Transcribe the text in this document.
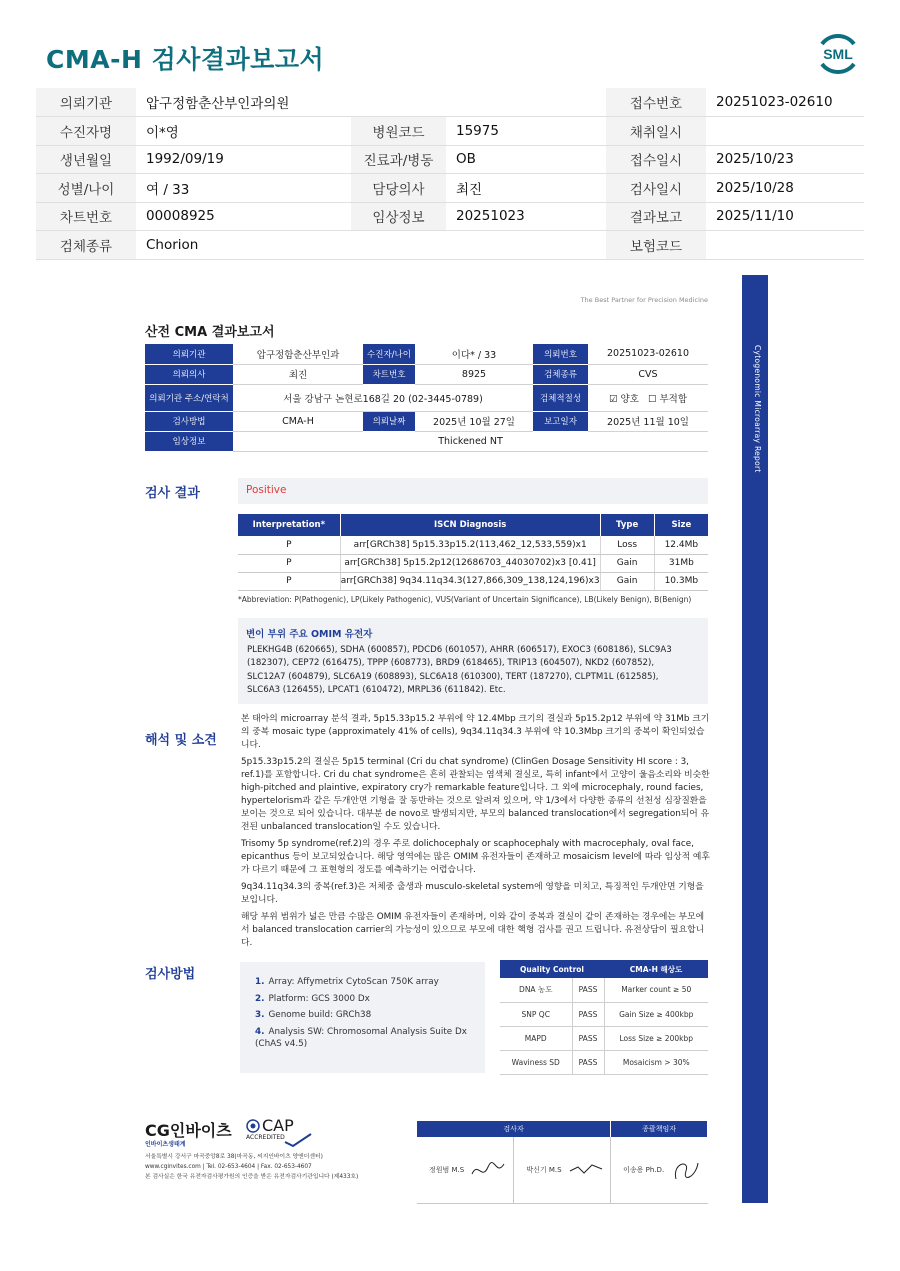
CMA-H 검사결과보고서	SML
의뢰기관	압구정함춘산부인과의원			접수번호	20251023-02610
수진자명	이*영	병원코드	15975	채취일시	
생년월일	1992/09/19	진료과/병동	OB	접수일시	2025/10/23
성별/나이	여 / 33	담당의사	최진	검사일시	2025/10/28
차트번호	00008925	임상정보	20251023	결과보고	2025/11/10
검체종류	Chorion			보험코드	
Cytogenomic Microarray Report
The Best Partner for Precision Medicine
산전 CMA 결과보고서
의뢰기관	압구정함춘산부인과	수진자/나이	이다* / 33	의뢰번호	20251023-02610
의뢰의사	최진	차트번호	8925	검체종류	CVS
의뢰기관 주소/연락처	서울 강남구 논현로168길 20 (02-3445-0789)			검체적절성	☑ 양호 ☐ 부적합
검사방법	CMA-H	의뢰날짜	2025년 10월 27일	보고일자	2025년 11월 10일
임상정보	Thickened NT				
검사 결과	Positive
Interpretation*	ISCN Diagnosis	Type	Size
P	arr[GRCh38] 5p15.33p15.2(113,462_12,533,559)x1	Loss	12.4Mb
P	arr[GRCh38] 5p15.2p12(12686703_44030702)x3 [0.41]	Gain	31Mb
P	arr[GRCh38] 9q34.11q34.3(127,866,309_138,124,196)x3	Gain	10.3Mb
*Abbreviation: P(Pathogenic), LP(Likely Pathogenic), VUS(Variant of Uncertain Significance), LB(Likely Benign), B(Benign)
변이 부위 주요 OMIM 유전자
PLEKHG4B (620665), SDHA (600857), PDCD6 (601057), AHRR (606517), EXOC3 (608186), SLC9A3
(182307), CEP72 (616475), TPPP (608773), BRD9 (618465), TRIP13 (604507), NKD2 (607852),
SLC12A7 (604879), SLC6A19 (608893), SLC6A18 (610300), TERT (187270), CLPTM1L (612585),
SLC6A3 (126455), LPCAT1 (610472), MRPL36 (611842). Etc.
해석 및 소견

본 태아의 microarray 분석 결과, 5p15.33p15.2 부위에 약 12.4Mbp 크기의 결실과 5p15.2p12 부위에 약 31Mb 크기의 중복 mosaic type (approximately 41% of cells), 9q34.11q34.3 부위에 약 10.3Mbp 크기의 중복이 확인되었습니다.

5p15.33p15.2의 결실은 5p15 terminal (Cri du chat syndrome) (ClinGen Dosage Sensitivity HI score : 3, ref.1)를 포함합니다. Cri du chat syndrome은 흔히 관찰되는 염색체 결실로, 특히 infant에서 고양이 울음소리와 비슷한 high-pitched and plaintive, expiratory cry가 remarkable feature입니다. 그 외에 microcephaly, round facies, hypertelorism과 같은 두개안면 기형을 잘 동반하는 것으로 알려져 있으며, 약 1/3에서 다양한 종류의 선천성 심장질환을 보이는 것으로 되어 있습니다. 대부분 de novo로 발생되지만, 부모의 balanced translocation에서 segregation되어 유전된 unbalanced translocation일 수도 있습니다.

Trisomy 5p syndrome(ref.2)의 경우 주로 dolichocephaly or scaphocephaly with macrocephaly, oval face, epicanthus 등이 보고되었습니다. 해당 영역에는 많은 OMIM 유전자들이 존재하고 mosaicism level에 따라 임상적 예후가 다르기 때문에 그 표현형의 정도를 예측하기는 어렵습니다.

9q34.11q34.3의 중복(ref.3)은 저체중 출생과 musculo-skeletal system에 영향을 미치고, 특징적인 두개안면 기형을 보입니다.

해당 부위 범위가 넓은 만큼 수많은 OMIM 유전자들이 존재하며, 이와 같이 중복과 결실이 같이 존재하는 경우에는 부모에서 balanced translocation carrier의 가능성이 있으므로 부모에 대한 핵형 검사를 권고 드립니다. 유전상담이 필요합니다.

검사방법	1. Array: Affymetrix CytoScan 750K array
2. Platform: GCS 3000 Dx
3. Genome build: GRCh38
4. Analysis SW: Chromosomal Analysis Suite Dx (ChAS v4.5)
Quality Control		CMA-H 해상도
DNA 농도	PASS	Marker count ≥ 50
SNP QC	PASS	Gain Size ≥ 400kbp
MAPD	PASS	Loss Size ≥ 200kbp
Waviness SD	PASS	Mosaicism > 30%
CG인바이츠
인바이츠생태계
CAP
ACCREDITED
서울특별시 강서구 마곡중앙8로 38(마곡동, 씨지인바이츠 양앤더센터)
www.cginvites.com | Tel. 02-653-4604 | Fax. 02-653-4607
본 검사실은 한국 유전자검사평가원의 인증을 받은 유전자검사기관입니다 (제433호)
검사자		종괄책임자
정원범 M.S	박신기 M.S	이송용 Ph.D.
